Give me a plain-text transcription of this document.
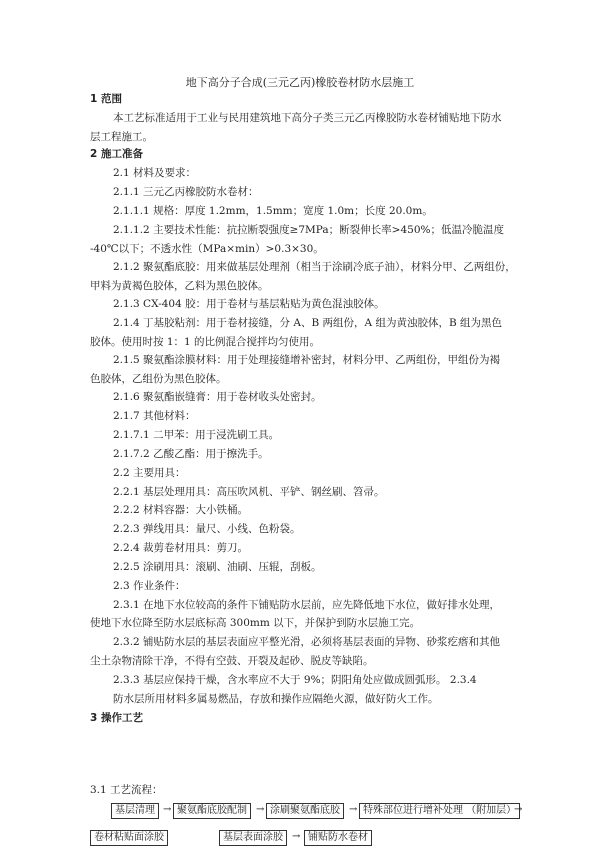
地下高分子合成(三元乙丙)橡胶卷材防水层施工
1 范围
本工艺标准适用于工业与民用建筑地下高分子类三元乙丙橡胶防水卷材铺贴地下防水
层工程施工。
2 施工准备
2.1 材料及要求：
2.1.1 三元乙丙橡胶防水卷材：
2.1.1.1 规格：厚度 1.2mm，1.5mm；宽度 1.0m；长度 20.0m。
2.1.1.2 主要技术性能：抗拉断裂强度≥7MPa；断裂伸长率>450%；低温冷脆温度
-40℃以下；不透水性（MPa×min）>0.3×30。
2.1.2 聚氨酯底胶：用来做基层处理剂（相当于涂刷冷底子油），材料分甲、乙两组份，
甲料为黄褐色胶体，乙料为黑色胶体。
2.1.3 CX-404 胶：用于卷材与基层粘贴为黄色混浊胶体。
2.1.4 丁基胶粘剂：用于卷材接缝，分 A、B 两组份，A 组为黄浊胶体，B 组为黑色
胶体。使用时按 1：1 的比例混合搅拌均匀使用。
2.1.5 聚氨酯涂膜材料：用于处理接缝增补密封，材料分甲、乙两组份，甲组份为褐
色胶体，乙组份为黑色胶体。
2.1.6 聚氨酯嵌缝膏：用于卷材收头处密封。
2.1.7 其他材料：
2.1.7.1 二甲苯：用于浸洗刷工具。
2.1.7.2 乙酸乙酯：用于擦洗手。
2.2 主要用具：
2.2.1 基层处理用具：高压吹风机、平铲、钢丝刷、笤帚。
2.2.2 材料容器：大小铁桶。
2.2.3 弹线用具：量尺、小线、色粉袋。
2.2.4 裁剪卷材用具：剪刀。
2.2.5 涂刷用具：滚刷、油刷、压辊，刮板。
2.3 作业条件：
2.3.1 在地下水位较高的条件下铺贴防水层前，应先降低地下水位，做好排水处理，
使地下水位降至防水层底标高 300mm 以下，并保护到防水层施工完。
2.3.2 铺贴防水层的基层表面应平整光滑，必须将基层表面的异物、砂浆疙瘩和其他
尘土杂物清除干净，不得有空鼓、开裂及起砂、脱皮等缺陷。
2.3.3 基层应保持干燥，含水率应不大于 9%；阴阳角处应做成圆弧形。 2.3.4
防水层所用材料多属易燃品，存放和操作应隔绝火源，做好防火工作。
3 操作工艺
3.1 工艺流程：
基层清理 → 聚氨酯底胶配制 → 涂刷聚氨酯底胶 → 特殊部位进行增补处理 （附加层）
→
卷材粘贴面涂胶	基层表面涂胶 → 铺贴防水卷材
